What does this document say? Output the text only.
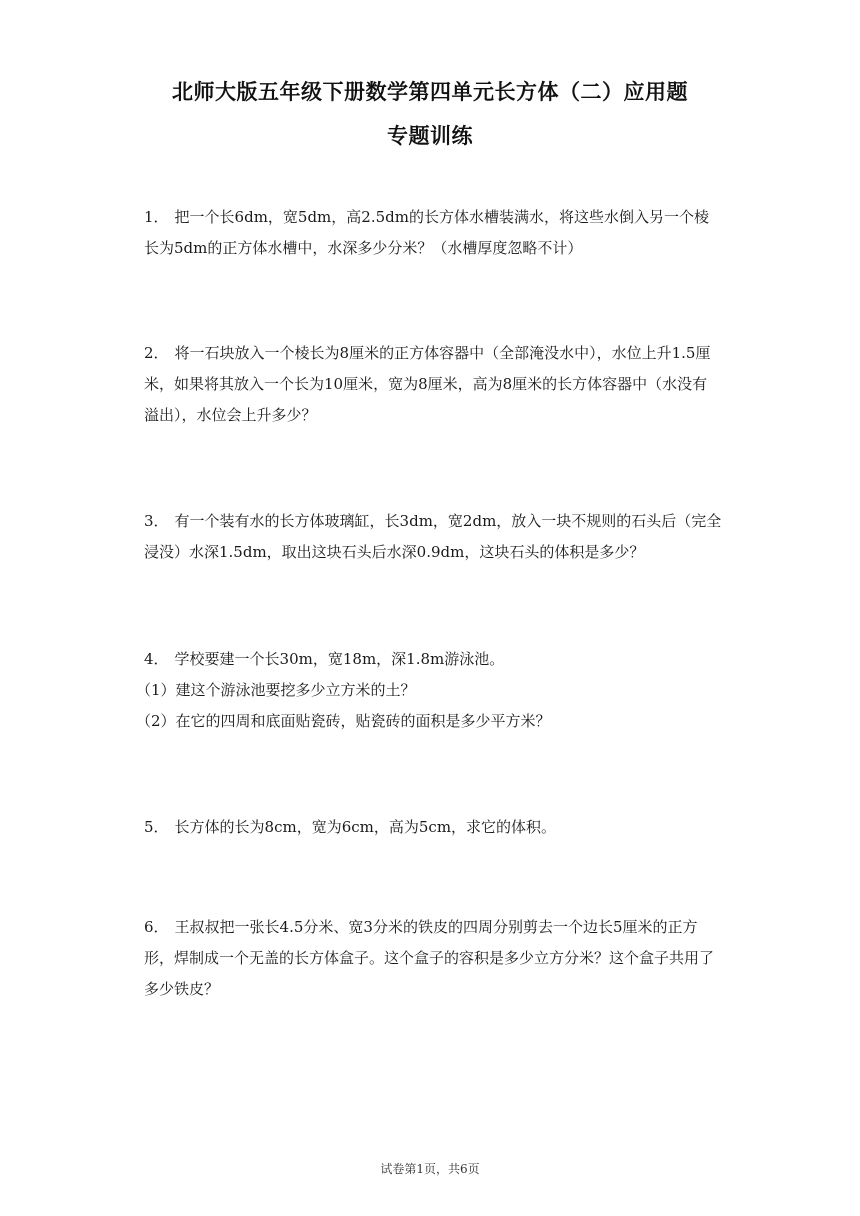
北师大版五年级下册数学第四单元长方体（二）应用题
专题训练
1． 把一个长6dm，宽5dm，高2.5dm的长方体水槽装满水，将这些水倒入另一个棱长为5dm的正方体水槽中，水深多少分米？（水槽厚度忽略不计）
2． 将一石块放入一个棱长为8厘米的正方体容器中（全部淹没水中），水位上升1.5厘米，如果将其放入一个长为10厘米，宽为8厘米，高为8厘米的长方体容器中（水没有溢出），水位会上升多少？
3． 有一个装有水的长方体玻璃缸，长3dm，宽2dm，放入一块不规则的石头后（完全浸没）水深1.5dm，取出这块石头后水深0.9dm，这块石头的体积是多少？
4． 学校要建一个长30m，宽18m，深1.8m游泳池。
（1）建这个游泳池要挖多少立方米的土？
（2）在它的四周和底面贴瓷砖，贴瓷砖的面积是多少平方米？
5． 长方体的长为8cm，宽为6cm，高为5cm，求它的体积。
6． 王叔叔把一张长4.5分米、宽3分米的铁皮的四周分别剪去一个边长5厘米的正方形，焊制成一个无盖的长方体盒子。这个盒子的容积是多少立方分米？这个盒子共用了多少铁皮？
试卷第1页，共6页
